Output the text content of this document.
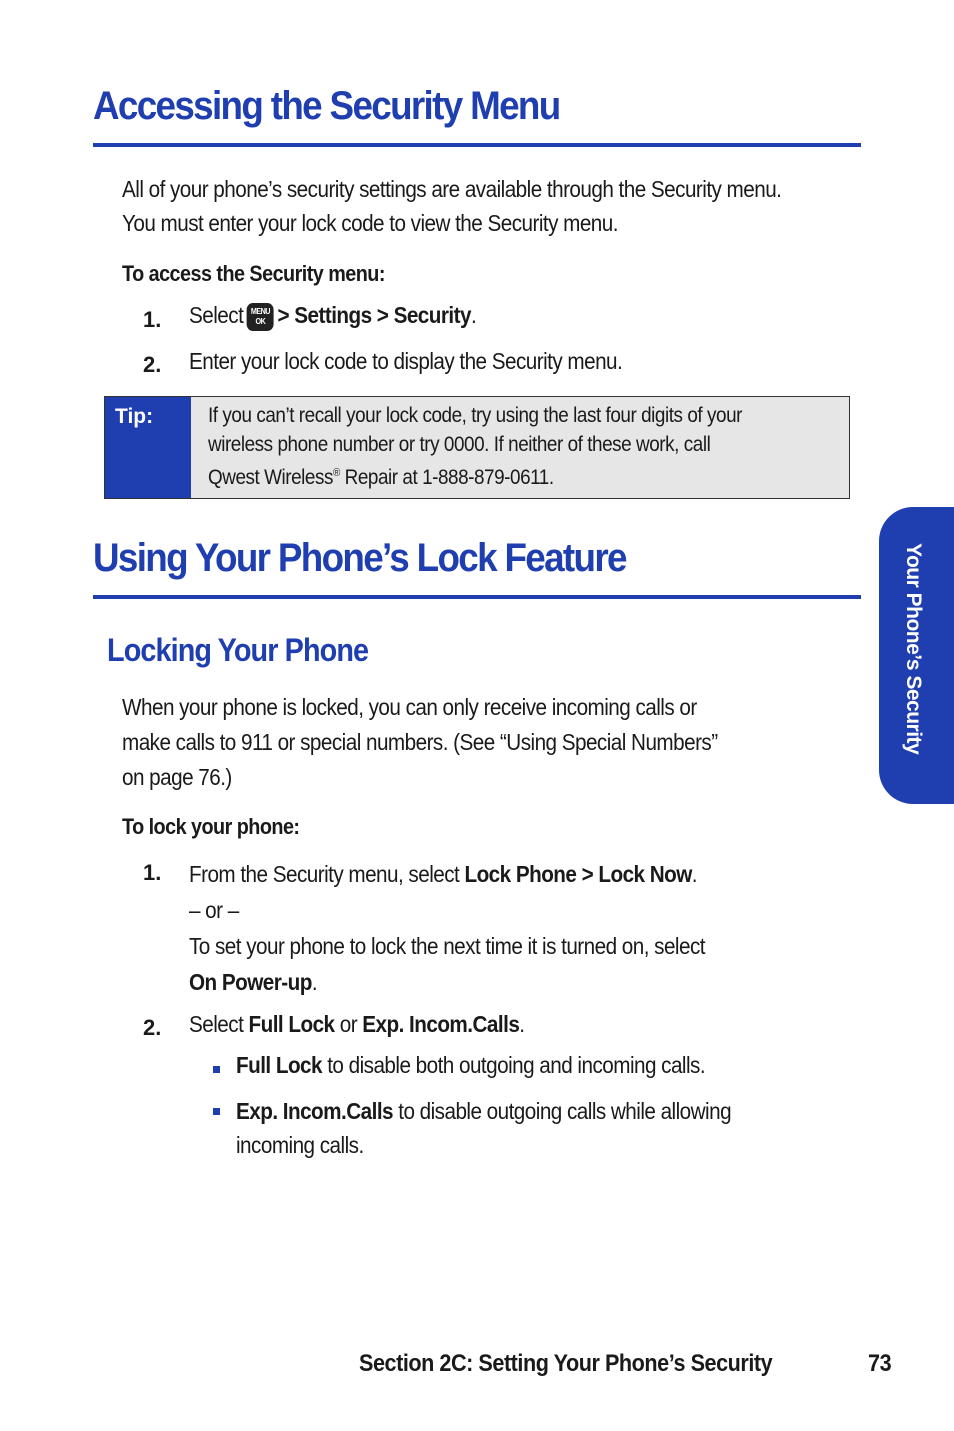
Accessing the Security Menu
All of your phone’s security settings are available through the Security menu.
You must enter your lock code to view the Security menu.
To access the Security menu:
1. Select MENU
OK > Settings > Security.
2. Enter your lock code to display the Security menu.
Tip:	If you can’t recall your lock code, try using the last four digits of your
wireless phone number or try 0000. If neither of these work, call
Qwest Wireless® Repair at 1-888-879-0611.
Using Your Phone’s Lock Feature
Locking Your Phone
When your phone is locked, you can only receive incoming calls or
make calls to 911 or special numbers. (See “Using Special Numbers”
on page 76.)
To lock your phone:
1. From the Security menu, select Lock Phone > Lock Now.
– or –
To set your phone to lock the next time it is turned on, select
On Power-up.
2. Select Full Lock or Exp. Incom.Calls.
Full Lock to disable both outgoing and incoming calls.
Exp. Incom.Calls to disable outgoing calls while allowing
incoming calls.
Your Phone’s Security
Section 2C: Setting Your Phone’s Security	73
